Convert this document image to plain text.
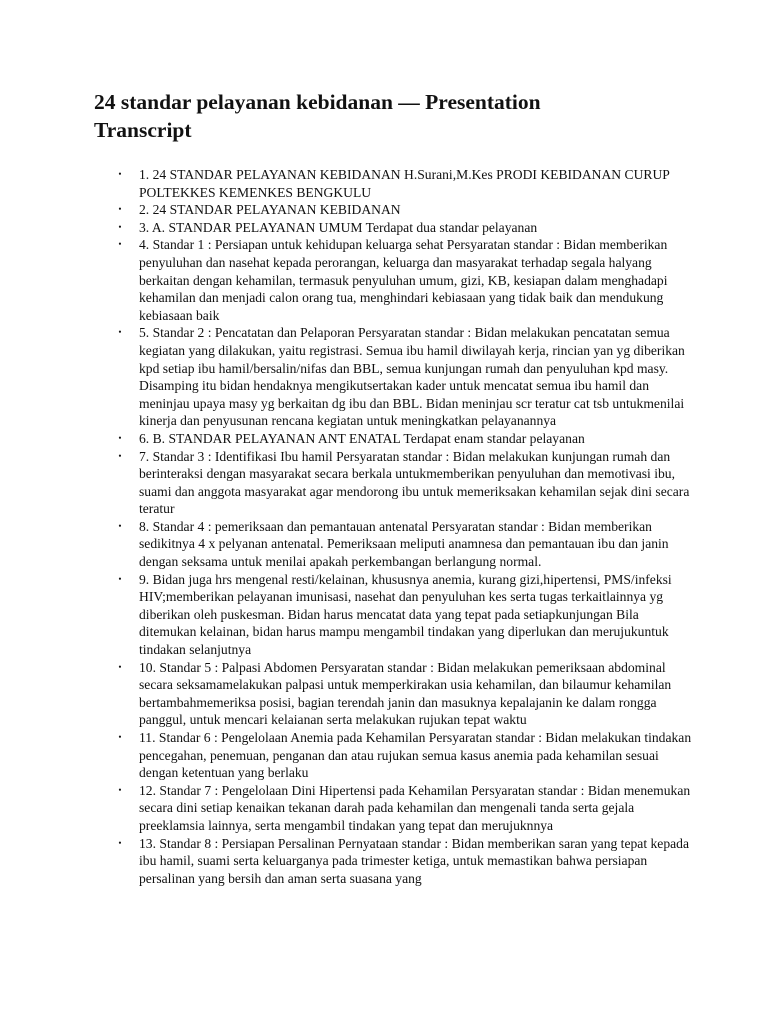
24 standar pelayanan kebidanan — Presentation Transcript
• 1. 24 STANDAR PELAYANAN KEBIDANAN H.Surani,M.Kes PRODI KEBIDANAN CURUP POLTEKKES KEMENKES BENGKULU
• 2. 24 STANDAR PELAYANAN KEBIDANAN
• 3. A. STANDAR PELAYANAN UMUM Terdapat dua standar pelayanan
• 4. Standar 1 : Persiapan untuk kehidupan keluarga sehat Persyaratan standar : Bidan memberikan penyuluhan dan nasehat kepada perorangan, keluarga dan masyarakat terhadap segala halyang berkaitan dengan kehamilan, termasuk penyuluhan umum, gizi, KB, kesiapan dalam menghadapi kehamilan dan menjadi calon orang tua, menghindari kebiasaan yang tidak baik dan mendukung kebiasaan baik
• 5. Standar 2 : Pencatatan dan Pelaporan Persyaratan standar : Bidan melakukan pencatatan semua kegiatan yang dilakukan, yaitu registrasi. Semua ibu hamil diwilayah kerja, rincian yan yg diberikan kpd setiap ibu hamil/bersalin/nifas dan BBL, semua kunjungan rumah dan penyuluhan kpd masy. Disamping itu bidan hendaknya mengikutsertakan kader untuk mencatat semua ibu hamil dan meninjau upaya masy yg berkaitan dg ibu dan BBL. Bidan meninjau scr teratur cat tsb untukmenilai kinerja dan penyusunan rencana kegiatan untuk meningkatkan pelayanannya
• 6. B. STANDAR PELAYANAN ANT ENATAL Terdapat enam standar pelayanan
• 7. Standar 3 : Identifikasi Ibu hamil Persyaratan standar : Bidan melakukan kunjungan rumah dan berinteraksi dengan masyarakat secara berkala untukmemberikan penyuluhan dan memotivasi ibu, suami dan anggota masyarakat agar mendorong ibu untuk memeriksakan kehamilan sejak dini secara teratur
• 8. Standar 4 : pemeriksaan dan pemantauan antenatal Persyaratan standar : Bidan memberikan sedikitnya 4 x pelyanan antenatal. Pemeriksaan meliputi anamnesa dan pemantauan ibu dan janin dengan seksama untuk menilai apakah perkembangan berlangung normal.
• 9. Bidan juga hrs mengenal resti/kelainan, khususnya anemia, kurang gizi,hipertensi, PMS/infeksi HIV;memberikan pelayanan imunisasi, nasehat dan penyuluhan kes serta tugas terkaitlainnya yg diberikan oleh puskesman. Bidan harus mencatat data yang tepat pada setiapkunjungan Bila ditemukan kelainan, bidan harus mampu mengambil tindakan yang diperlukan dan merujukuntuk tindakan selanjutnya
• 10. Standar 5 : Palpasi Abdomen Persyaratan standar : Bidan melakukan pemeriksaan abdominal secara seksamamelakukan palpasi untuk memperkirakan usia kehamilan, dan bilaumur kehamilan bertambahmemeriksa posisi, bagian terendah janin dan masuknya kepalajanin ke dalam rongga panggul, untuk mencari kelaianan serta melakukan rujukan tepat waktu
• 11. Standar 6 : Pengelolaan Anemia pada Kehamilan Persyaratan standar : Bidan melakukan tindakan pencegahan, penemuan, penganan dan atau rujukan semua kasus anemia pada kehamilan sesuai dengan ketentuan yang berlaku
• 12. Standar 7 : Pengelolaan Dini Hipertensi pada Kehamilan Persyaratan standar : Bidan menemukan secara dini setiap kenaikan tekanan darah pada kehamilan dan mengenali tanda serta gejala preeklamsia lainnya, serta mengambil tindakan yang tepat dan merujuknnya
• 13. Standar 8 : Persiapan Persalinan Pernyataan standar : Bidan memberikan saran yang tepat kepada ibu hamil, suami serta keluarganya pada trimester ketiga, untuk memastikan bahwa persiapan persalinan yang bersih dan aman serta suasana yang
